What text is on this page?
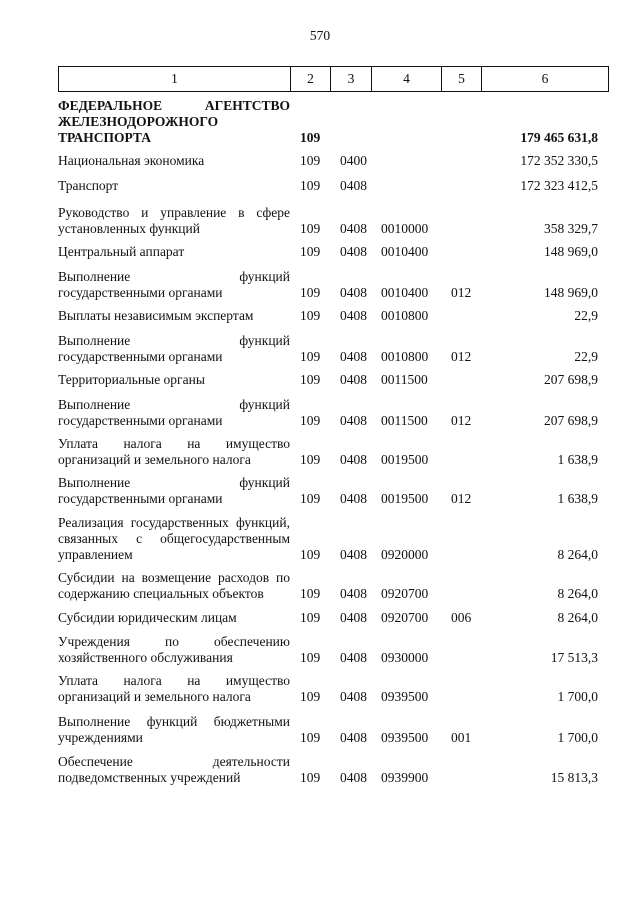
570
1	2	3	4	5	6
ФЕДЕРАЛЬНОЕ АГЕНТСТВО ЖЕЛЕЗНОДОРОЖНОГО ТРАНСПОРТА	109	179 465 631,8
Национальная экономика	109 0400	172 352 330,5
Транспорт	109 0408	172 323 412,5
Руководство и управление в сфере установленных функций	109 0408 0010000	358 329,7
Центральный аппарат	109 0408 0010400	148 969,0
Выполнение функций государственными органами	109 0408 0010400 012	148 969,0
Выплаты независимым экспертам	109 0408 0010800	22,9
Выполнение функций государственными органами	109 0408 0010800 012	22,9
Территориальные органы	109 0408 0011500	207 698,9
Выполнение функций государственными органами	109 0408 0011500 012	207 698,9
Уплата налога на имущество организаций и земельного налога	109 0408 0019500	1 638,9
Выполнение функций государственными органами	109 0408 0019500 012	1 638,9
Реализация государственных функций, связанных с общегосударственным управлением	109 0408 0920000	8 264,0
Субсидии на возмещение расходов по содержанию специальных объектов	109 0408 0920700	8 264,0
Субсидии юридическим лицам	109 0408 0920700 006	8 264,0
Учреждения по обеспечению хозяйственного обслуживания	109 0408 0930000	17 513,3
Уплата налога на имущество организаций и земельного налога	109 0408 0939500	1 700,0
Выполнение функций бюджетными учреждениями	109 0408 0939500 001	1 700,0
Обеспечение деятельности подведомственных учреждений	109 0408 0939900	15 813,3
